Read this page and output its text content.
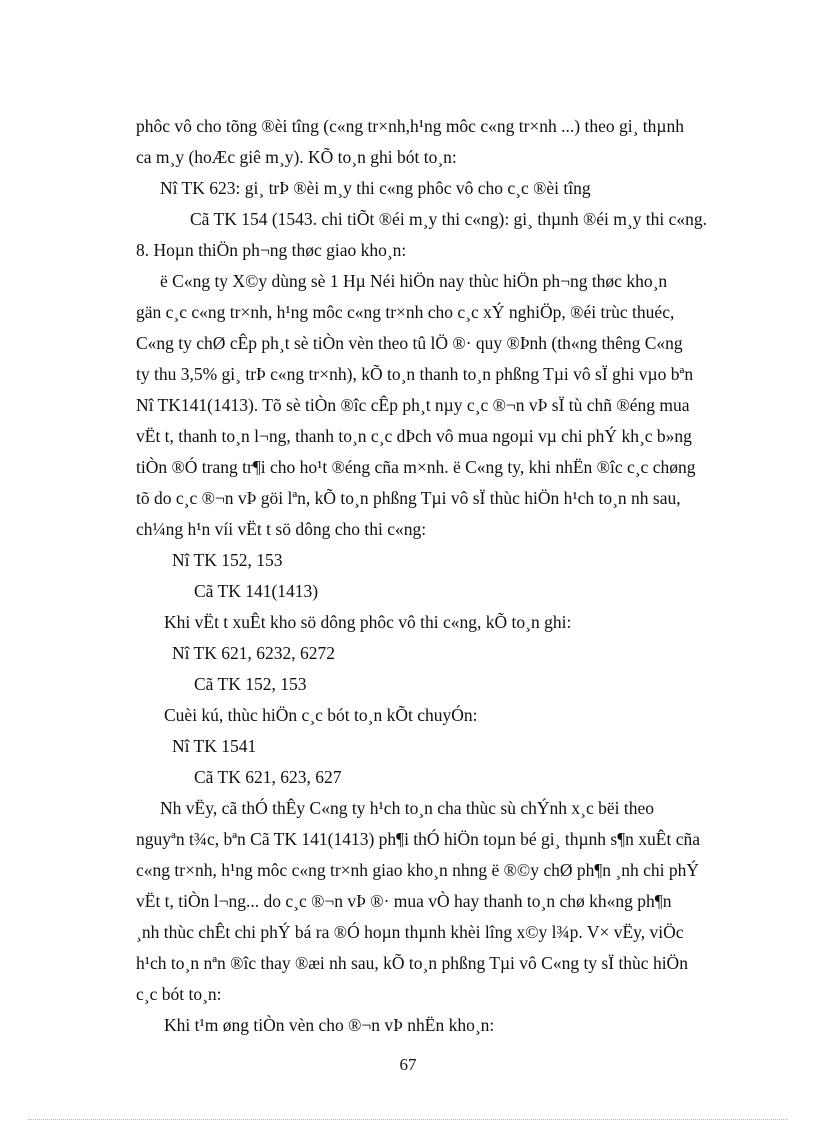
phôc vô cho tõng ®èi tîng (c«ng tr×nh,h¹ng môc c«ng tr×nh ...) theo gi¸ thµnh
ca m¸y (hoÆc giê m¸y). KÕ to¸n ghi bót to¸n:
Nî TK 623: gi¸ trÞ ®èi m¸y thi c«ng phôc vô cho c¸c ®èi tîng
Cã TK 154 (1543. chi tiÕt ®éi m¸y thi c«ng): gi¸ thµnh ®éi m¸y thi c«ng.
8. Hoµn thiÖn ph¬ng thøc giao kho¸n:
ë C«ng ty X©y dùng sè 1 Hµ Néi hiÖn nay thùc hiÖn ph¬ng thøc kho¸n
gän c¸c c«ng tr×nh, h¹ng môc c«ng tr×nh cho c¸c xÝ nghiÖp, ®éi trùc thuéc,
C«ng ty chØ cÊp ph¸t sè tiÒn vèn theo tû lÖ ®· quy ®Þnh (th«ng thêng C«ng
ty thu 3,5% gi¸ trÞ c«ng tr×nh), kÕ to¸n thanh to¸n phßng Tµi vô sÏ ghi vµo bªn
Nî TK141(1413). Tõ sè tiÒn ®îc cÊp ph¸t nµy c¸c ®¬n vÞ sÏ tù chñ ®éng mua
vËt t, thanh to¸n l¬ng, thanh to¸n c¸c dÞch vô mua ngoµi vµ chi phÝ kh¸c b»ng
tiÒn ®Ó trang tr¶i cho ho¹t ®éng cña m×nh. ë C«ng ty, khi nhËn ®îc c¸c chøng
tõ do c¸c ®¬n vÞ göi lªn, kÕ to¸n phßng Tµi vô sÏ thùc hiÖn h¹ch to¸n nh sau,
ch¼ng h¹n víi vËt t sö dông cho thi c«ng:
Nî TK 152, 153
Cã TK 141(1413)
Khi vËt t xuÊt kho sö dông phôc vô thi c«ng, kÕ to¸n ghi:
Nî TK 621, 6232, 6272
Cã TK 152, 153
Cuèi kú, thùc hiÖn c¸c bót to¸n kÕt chuyÓn:
Nî TK 1541
Cã TK 621, 623, 627
Nh vËy, cã thÓ thÊy C«ng ty h¹ch to¸n cha thùc sù chÝnh x¸c bëi theo
nguyªn t¾c, bªn Cã TK 141(1413) ph¶i thÓ hiÖn toµn bé gi¸ thµnh s¶n xuÊt cña
c«ng tr×nh, h¹ng môc c«ng tr×nh giao kho¸n nhng ë ®©y chØ ph¶n ¸nh chi phÝ
vËt t, tiÒn l¬ng... do c¸c ®¬n vÞ ®· mua vÒ hay thanh to¸n chø kh«ng ph¶n
¸nh thùc chÊt chi phÝ bá ra ®Ó hoµn thµnh khèi lîng x©y l¾p. V× vËy, viÖc
h¹ch to¸n nªn ®îc thay ®æi nh sau, kÕ to¸n phßng Tµi vô C«ng ty sÏ thùc hiÖn
c¸c bót to¸n:
Khi t¹m øng tiÒn vèn cho ®¬n vÞ nhËn kho¸n:
67
